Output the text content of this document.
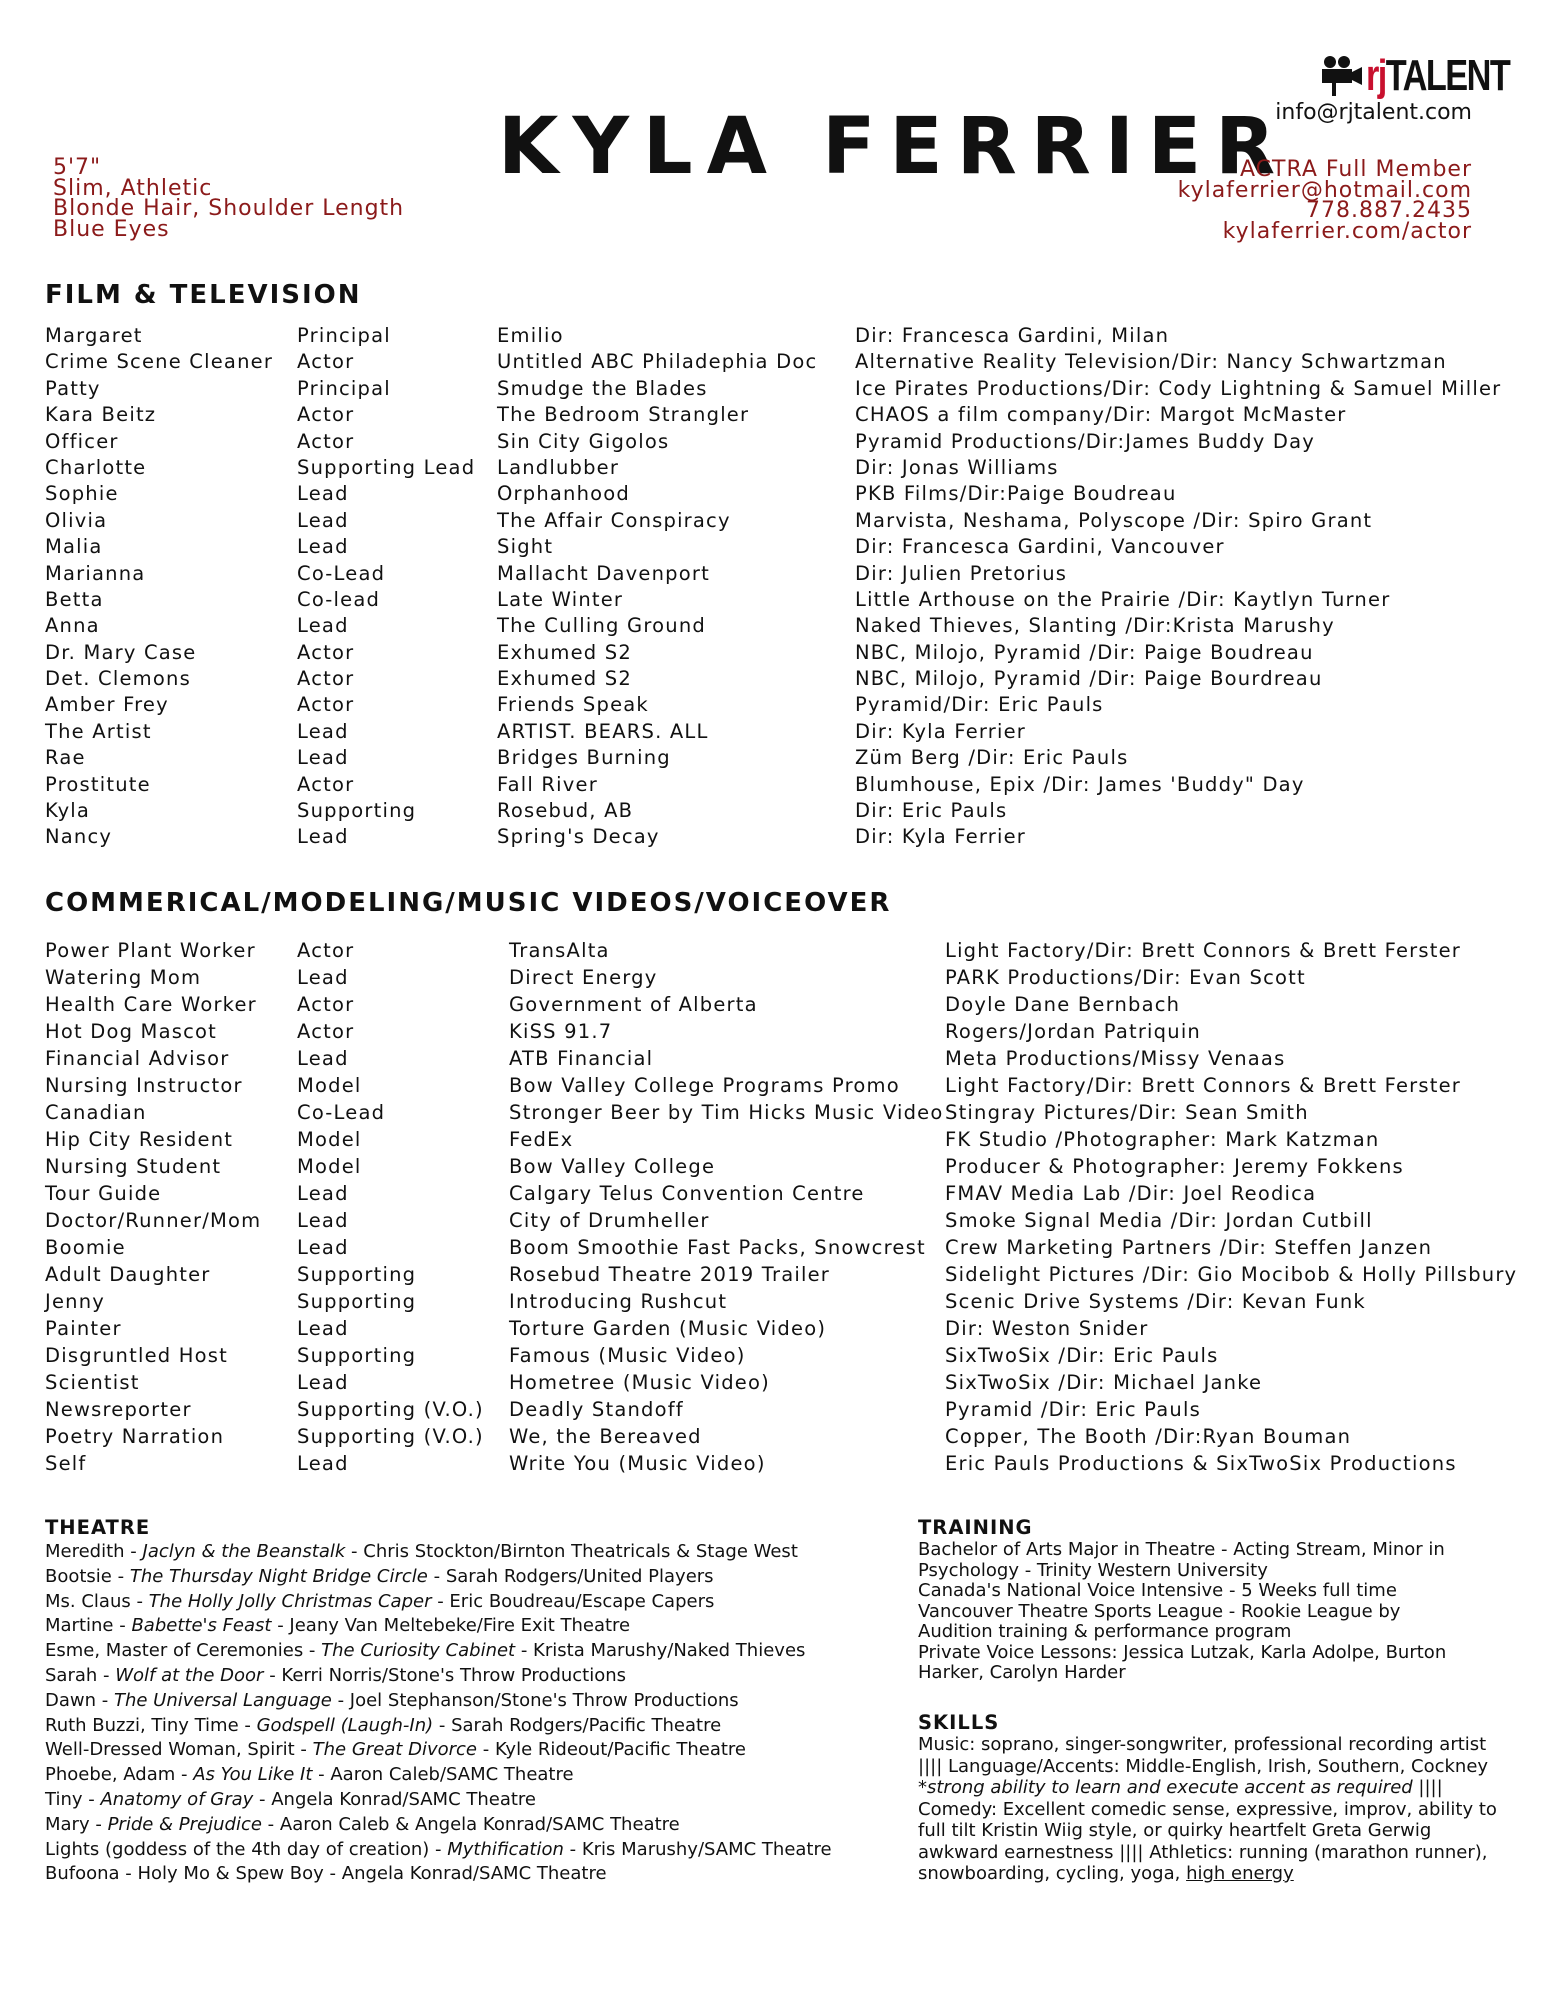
rjTALENT
info@rjtalent.com
KYLA FERRIER
5'7"
Slim, Athletic
Blonde Hair, Shoulder Length
Blue Eyes
ACTRA Full Member
kylaferrier@hotmail.com
778.887.2435
kylaferrier.com/actor
FILM & TELEVISION
Margaret	Principal	Emilio	Dir: Francesca Gardini, Milan
Crime Scene Cleaner	Actor	Untitled ABC Philadephia Doc	Alternative Reality Television/Dir: Nancy Schwartzman
Patty	Principal	Smudge the Blades	Ice Pirates Productions/Dir: Cody Lightning & Samuel Miller
Kara Beitz	Actor	The Bedroom Strangler	CHAOS a film company/Dir: Margot McMaster
Officer	Actor	Sin City Gigolos	Pyramid Productions/Dir:James Buddy Day
Charlotte	Supporting Lead	Landlubber	Dir: Jonas Williams
Sophie	Lead	Orphanhood	PKB Films/Dir:Paige Boudreau
Olivia	Lead	The Affair Conspiracy	Marvista, Neshama, Polyscope /Dir: Spiro Grant
Malia	Lead	Sight	Dir: Francesca Gardini, Vancouver
Marianna	Co-Lead	Mallacht Davenport	Dir: Julien Pretorius
Betta	Co-lead	Late Winter	Little Arthouse on the Prairie /Dir: Kaytlyn Turner
Anna	Lead	The Culling Ground	Naked Thieves, Slanting /Dir:Krista Marushy
Dr. Mary Case	Actor	Exhumed S2	NBC, Milojo, Pyramid /Dir: Paige Boudreau
Det. Clemons	Actor	Exhumed S2	NBC, Milojo, Pyramid /Dir: Paige Bourdreau
Amber Frey	Actor	Friends Speak	Pyramid/Dir: Eric Pauls
The Artist	Lead	ARTIST. BEARS. ALL	Dir: Kyla Ferrier
Rae	Lead	Bridges Burning	Züm Berg /Dir: Eric Pauls
Prostitute	Actor	Fall River	Blumhouse, Epix /Dir: James 'Buddy" Day
Kyla	Supporting	Rosebud, AB	Dir: Eric Pauls
Nancy	Lead	Spring's Decay	Dir: Kyla Ferrier
COMMERICAL/MODELING/MUSIC VIDEOS/VOICEOVER
Power Plant Worker	Actor	TransAlta	Light Factory/Dir: Brett Connors & Brett Ferster
Watering Mom	Lead	Direct Energy	PARK Productions/Dir: Evan Scott
Health Care Worker	Actor	Government of Alberta	Doyle Dane Bernbach
Hot Dog Mascot	Actor	KiSS 91.7	Rogers/Jordan Patriquin
Financial Advisor	Lead	ATB Financial	Meta Productions/Missy Venaas
Nursing Instructor	Model	Bow Valley College Programs Promo	Light Factory/Dir: Brett Connors & Brett Ferster
Canadian	Co-Lead	Stronger Beer by Tim Hicks Music Video	Stingray Pictures/Dir: Sean Smith
Hip City Resident	Model	FedEx	FK Studio /Photographer: Mark Katzman
Nursing Student	Model	Bow Valley College	Producer & Photographer: Jeremy Fokkens
Tour Guide	Lead	Calgary Telus Convention Centre	FMAV Media Lab /Dir: Joel Reodica
Doctor/Runner/Mom	Lead	City of Drumheller	Smoke Signal Media /Dir: Jordan Cutbill
Boomie	Lead	Boom Smoothie Fast Packs, Snowcrest	Crew Marketing Partners /Dir: Steffen Janzen
Adult Daughter	Supporting	Rosebud Theatre 2019 Trailer	Sidelight Pictures /Dir: Gio Mocibob & Holly Pillsbury
Jenny	Supporting	Introducing Rushcut	Scenic Drive Systems /Dir: Kevan Funk
Painter	Lead	Torture Garden (Music Video)	Dir: Weston Snider
Disgruntled Host	Supporting	Famous (Music Video)	SixTwoSix /Dir: Eric Pauls
Scientist	Lead	Hometree (Music Video)	SixTwoSix /Dir: Michael Janke
Newsreporter	Supporting (V.O.)	Deadly Standoff	Pyramid /Dir: Eric Pauls
Poetry Narration	Supporting (V.O.)	We, the Bereaved	Copper, The Booth /Dir:Ryan Bouman
Self	Lead	Write You (Music Video)	Eric Pauls Productions & SixTwoSix Productions
THEATRE
Meredith - Jaclyn & the Beanstalk - Chris Stockton/Birnton Theatricals & Stage West
Bootsie - The Thursday Night Bridge Circle - Sarah Rodgers/United Players
Ms. Claus - The Holly Jolly Christmas Caper - Eric Boudreau/Escape Capers
Martine - Babette's Feast - Jeany Van Meltebeke/Fire Exit Theatre
Esme, Master of Ceremonies - The Curiosity Cabinet - Krista Marushy/Naked Thieves
Sarah - Wolf at the Door - Kerri Norris/Stone's Throw Productions
Dawn - The Universal Language - Joel Stephanson/Stone's Throw Productions
Ruth Buzzi, Tiny Time - Godspell (Laugh-In) - Sarah Rodgers/Pacific Theatre
Well-Dressed Woman, Spirit - The Great Divorce - Kyle Rideout/Pacific Theatre
Phoebe, Adam - As You Like It - Aaron Caleb/SAMC Theatre
Tiny - Anatomy of Gray - Angela Konrad/SAMC Theatre
Mary - Pride & Prejudice - Aaron Caleb & Angela Konrad/SAMC Theatre
Lights (goddess of the 4th day of creation) - Mythification - Kris Marushy/SAMC Theatre
Bufoona - Holy Mo & Spew Boy - Angela Konrad/SAMC Theatre
TRAINING
Bachelor of Arts Major in Theatre - Acting Stream, Minor in
Psychology - Trinity Western University
Canada's National Voice Intensive - 5 Weeks full time
Vancouver Theatre Sports League - Rookie League by
Audition training & performance program
Private Voice Lessons: Jessica Lutzak, Karla Adolpe, Burton
Harker, Carolyn Harder
SKILLS
Music: soprano, singer-songwriter, professional recording artist |||| Language/Accents: Middle-English, Irish, Southern, Cockney *strong ability to learn and execute accent as required |||| Comedy: Excellent comedic sense, expressive, improv, ability to full tilt Kristin Wiig style, or quirky heartfelt Greta Gerwig awkward earnestness |||| Athletics: running (marathon runner), snowboarding, cycling, yoga, high energy
